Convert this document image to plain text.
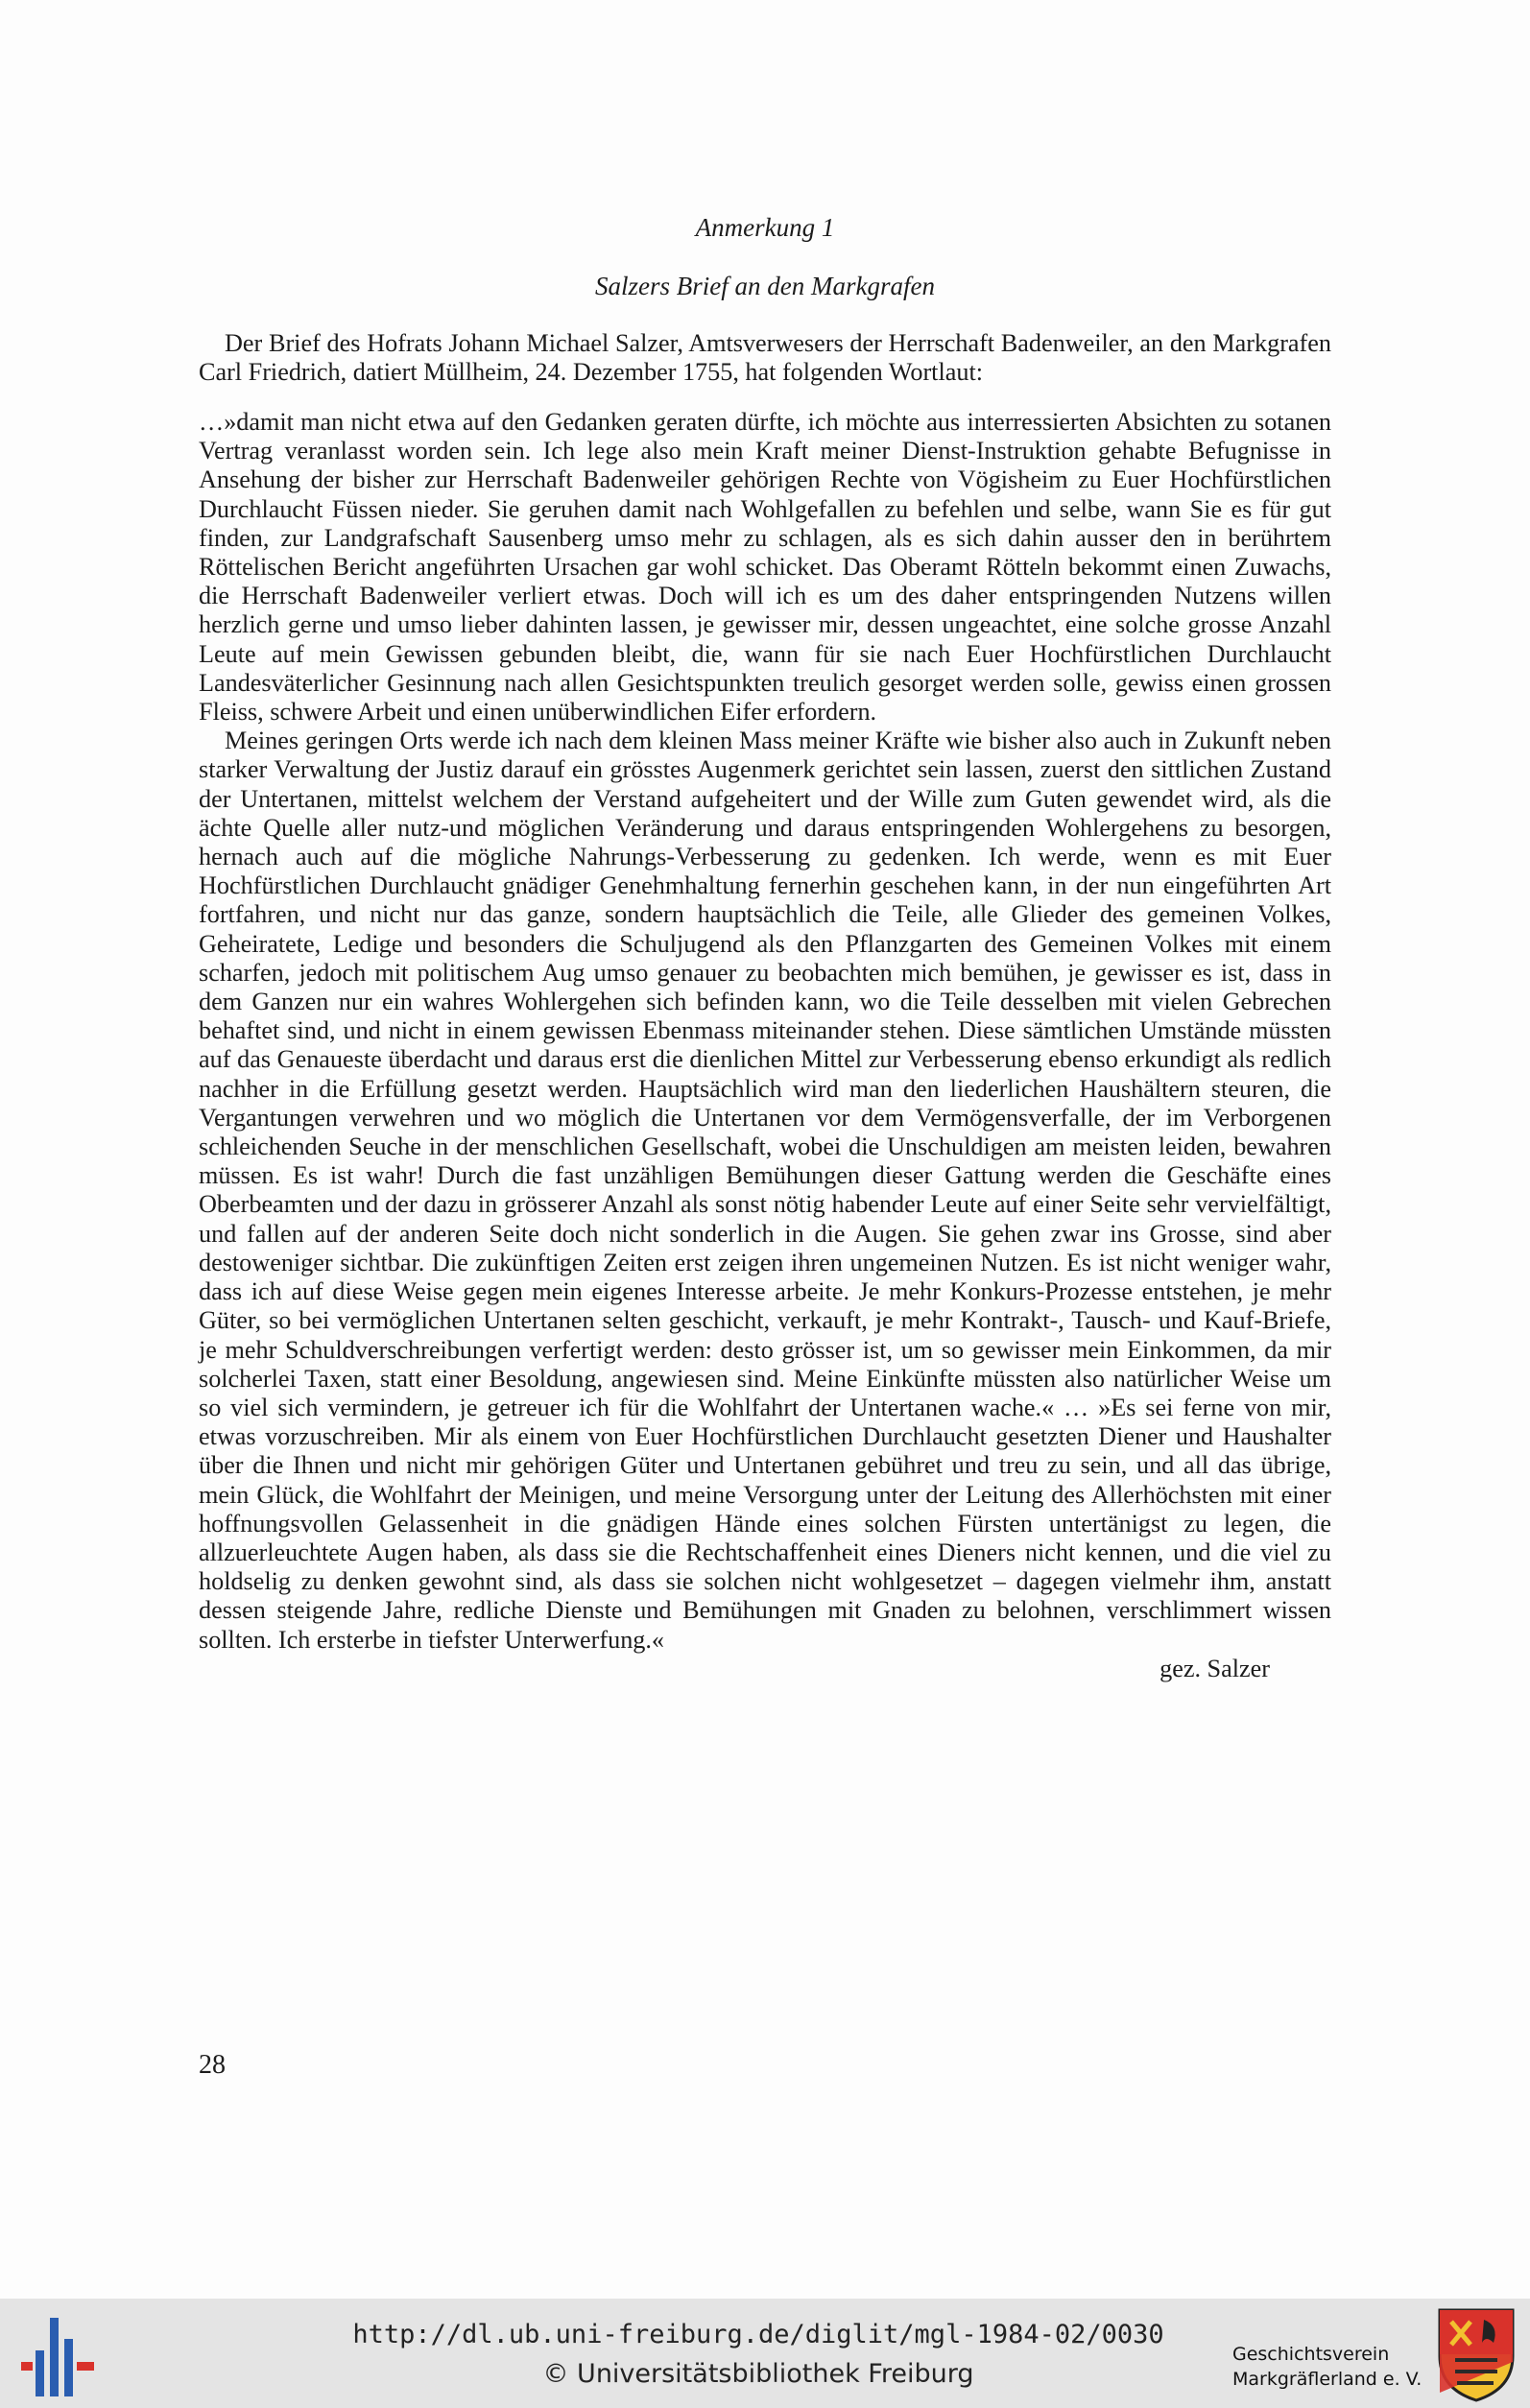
Anmerkung 1
Salzers Brief an den Markgrafen
Der Brief des Hofrats Johann Michael Salzer, Amtsverwesers der Herrschaft Badenweiler, an den Markgrafen Carl Friedrich, datiert Müllheim, 24. Dezember 1755, hat folgenden Wortlaut:

…»damit man nicht etwa auf den Gedanken geraten dürfte, ich möchte aus interressierten Absichten zu sotanen Vertrag veranlasst worden sein. Ich lege also mein Kraft meiner Dienst-Instruktion gehabte Befugnisse in Ansehung der bisher zur Herrschaft Badenweiler gehörigen Rechte von Vögisheim zu Euer Hochfürstlichen Durchlaucht Füssen nieder. Sie geruhen damit nach Wohlgefallen zu befehlen und selbe, wann Sie es für gut finden, zur Landgrafschaft Sausenberg umso mehr zu schlagen, als es sich dahin ausser den in berührtem Röttelischen Bericht angeführten Ursachen gar wohl schicket. Das Oberamt Rötteln bekommt einen Zuwachs, die Herrschaft Badenweiler verliert etwas. Doch will ich es um des daher entspringenden Nutzens willen herzlich gerne und umso lieber dahinten lassen, je gewisser mir, dessen ungeachtet, eine solche grosse Anzahl Leute auf mein Gewissen gebunden bleibt, die, wann für sie nach Euer Hochfürstlichen Durchlaucht Landesväterlicher Gesinnung nach allen Gesichtspunkten treulich gesorget werden solle, gewiss einen grossen Fleiss, schwere Arbeit und einen unüberwindlichen Eifer erfordern.

Meines geringen Orts werde ich nach dem kleinen Mass meiner Kräfte wie bisher also auch in Zukunft neben starker Verwaltung der Justiz darauf ein grösstes Augenmerk gerichtet sein lassen, zuerst den sittlichen Zustand der Untertanen, mittelst welchem der Verstand aufgeheitert und der Wille zum Guten gewendet wird, als die ächte Quelle aller nutz-und möglichen Veränderung und daraus entspringenden Wohlergehens zu besorgen, hernach auch auf die mögliche Nahrungs-Verbesserung zu gedenken. Ich werde, wenn es mit Euer Hochfürstlichen Durchlaucht gnädiger Genehmhaltung fernerhin geschehen kann, in der nun eingeführten Art fortfahren, und nicht nur das ganze, sondern hauptsächlich die Teile, alle Glieder des gemeinen Volkes, Geheiratete, Ledige und besonders die Schuljugend als den Pflanzgarten des Gemeinen Volkes mit einem scharfen, jedoch mit politischem Aug umso genauer zu beobachten mich bemühen, je gewisser es ist, dass in dem Ganzen nur ein wahres Wohlergehen sich befinden kann, wo die Teile desselben mit vielen Gebrechen behaftet sind, und nicht in einem gewissen Ebenmass miteinander stehen. Diese sämtlichen Umstände müssten auf das Genaueste überdacht und daraus erst die dienlichen Mittel zur Verbesserung ebenso erkundigt als redlich nachher in die Erfüllung gesetzt werden. Hauptsächlich wird man den liederlichen Haushältern steuren, die Vergantungen verwehren und wo möglich die Untertanen vor dem Vermögensverfalle, der im Verborgenen schleichenden Seuche in der menschlichen Gesellschaft, wobei die Unschuldigen am meisten leiden, bewahren müssen. Es ist wahr! Durch die fast unzähligen Bemühungen dieser Gattung werden die Geschäfte eines Oberbeamten und der dazu in grösserer Anzahl als sonst nötig habender Leute auf einer Seite sehr vervielfältigt, und fallen auf der anderen Seite doch nicht sonderlich in die Augen. Sie gehen zwar ins Grosse, sind aber destoweniger sichtbar. Die zukünftigen Zeiten erst zeigen ihren ungemeinen Nutzen. Es ist nicht weniger wahr, dass ich auf diese Weise gegen mein eigenes Interesse arbeite. Je mehr Konkurs-Prozesse entstehen, je mehr Güter, so bei vermöglichen Untertanen selten geschicht, verkauft, je mehr Kontrakt-, Tausch- und Kauf-Briefe, je mehr Schuldverschreibungen verfertigt werden: desto grösser ist, um so gewisser mein Einkommen, da mir solcherlei Taxen, statt einer Besoldung, angewiesen sind. Meine Einkünfte müssten also natürlicher Weise um so viel sich vermindern, je getreuer ich für die Wohlfahrt der Untertanen wache.« … »Es sei ferne von mir, etwas vorzuschreiben. Mir als einem von Euer Hochfürstlichen Durchlaucht gesetzten Diener und Haushalter über die Ihnen und nicht mir gehörigen Güter und Untertanen gebühret und treu zu sein, und all das übrige, mein Glück, die Wohlfahrt der Meinigen, und meine Versorgung unter der Leitung des Allerhöchsten mit einer hoffnungsvollen Gelassenheit in die gnädigen Hände eines solchen Fürsten untertänigst zu legen, die allzuerleuchtete Augen haben, als dass sie die Rechtschaffenheit eines Dieners nicht kennen, und die viel zu holdselig zu denken gewohnt sind, als dass sie solchen nicht wohlgesetzet – dagegen vielmehr ihm, anstatt dessen steigende Jahre, redliche Dienste und Bemühungen mit Gnaden zu belohnen, verschlimmert wissen sollten. Ich ersterbe in tiefster Unterwerfung.«

gez. Salzer

28
http://dl.ub.uni-freiburg.de/diglit/mgl-1984-02/0030
© Universitätsbibliothek Freiburg
Geschichtsverein
Markgräflerland e. V.
